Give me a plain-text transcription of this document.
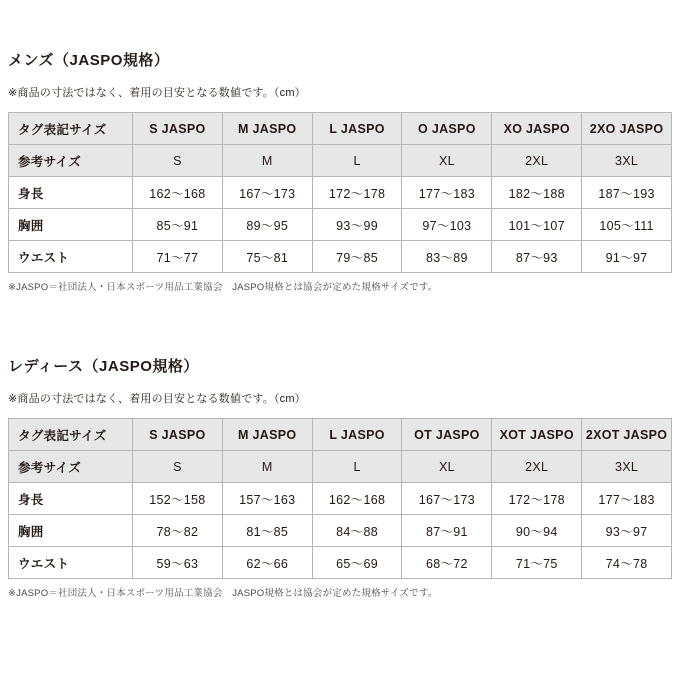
メンズ（JASPO規格）

※商品の寸法ではなく、着用の目安となる数値です。（cm）

タグ表記サイズ	S JASPO	M JASPO	L JASPO	O JASPO	XO JASPO	2XO JASPO
参考サイズ	S	M	L	XL	2XL	3XL
身長	162〜168	167〜173	172〜178	177〜183	182〜188	187〜193
胸囲	85〜91	89〜95	93〜99	97〜103	101〜107	105〜111
ウエスト	71〜77	75〜81	79〜85	83〜89	87〜93	91〜97
※JASPO＝社団法人・日本スポーツ用品工業協会　JASPO規格とは協会が定めた規格サイズです。
レディース（JASPO規格）

※商品の寸法ではなく、着用の目安となる数値です。（cm）

タグ表記サイズ	S JASPO	M JASPO	L JASPO	OT JASPO	XOT JASPO	2XOT JASPO
参考サイズ	S	M	L	XL	2XL	3XL
身長	152〜158	157〜163	162〜168	167〜173	172〜178	177〜183
胸囲	78〜82	81〜85	84〜88	87〜91	90〜94	93〜97
ウエスト	59〜63	62〜66	65〜69	68〜72	71〜75	74〜78
※JASPO＝社団法人・日本スポーツ用品工業協会　JASPO規格とは協会が定めた規格サイズです。
